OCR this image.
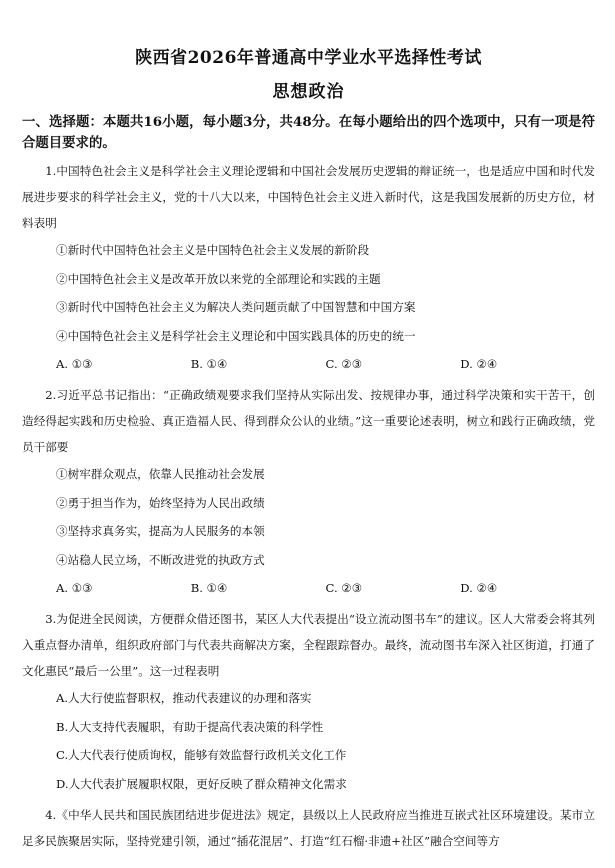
陕西省2026年普通高中学业水平选择性考试
思想政治
一、选择题：本题共16小题，每小题3分，共48分。在每小题给出的四个选项中，只有一项是符合题目要求的。
1.中国特色社会主义是科学社会主义理论逻辑和中国社会发展历史逻辑的辩证统一，也是适应中国和时代发展进步要求的科学社会主义，党的十八大以来，中国特色社会主义进入新时代，这是我国发展新的历史方位，材料表明
①新时代中国特色社会主义是中国特色社会主义发展的新阶段
②中国特色社会主义是改革开放以来党的全部理论和实践的主题
③新时代中国特色社会主义为解决人类问题贡献了中国智慧和中国方案
④中国特色社会主义是科学社会主义理论和中国实践具体的历史的统一
A. ①③	B. ①④	C. ②③	D. ②④
2.习近平总书记指出：“正确政绩观要求我们坚持从实际出发、按规律办事，通过科学决策和实干苦干，创造经得起实践和历史检验、真正造福人民、得到群众公认的业绩。”这一重要论述表明，树立和践行正确政绩，党员干部要
①树牢群众观点，依靠人民推动社会发展
②勇于担当作为，始终坚持为人民出政绩
③坚持求真务实，提高为人民服务的本领
④站稳人民立场，不断改进党的执政方式
A. ①③	B. ①④	C. ②③	D. ②④
3.为促进全民阅读，方便群众借还图书，某区人大代表提出“设立流动图书车”的建议。区人大常委会将其列入重点督办清单，组织政府部门与代表共商解决方案，全程跟踪督办。最终，流动图书车深入社区街道，打通了文化惠民“最后一公里”。这一过程表明
A.人大行使监督职权，推动代表建议的办理和落实
B.人大支持代表履职，有助于提高代表决策的科学性
C.人大代表行使质询权，能够有效监督行政机关文化工作
D.人大代表扩展履职权限，更好反映了群众精神文化需求
4.《中华人民共和国民族团结进步促进法》规定，县级以上人民政府应当推进互嵌式社区环境建设。某市立足多民族聚居实际，坚持党建引领，通过“插花混居”、打造“红石榴·非遗+社区”融合空间等方
